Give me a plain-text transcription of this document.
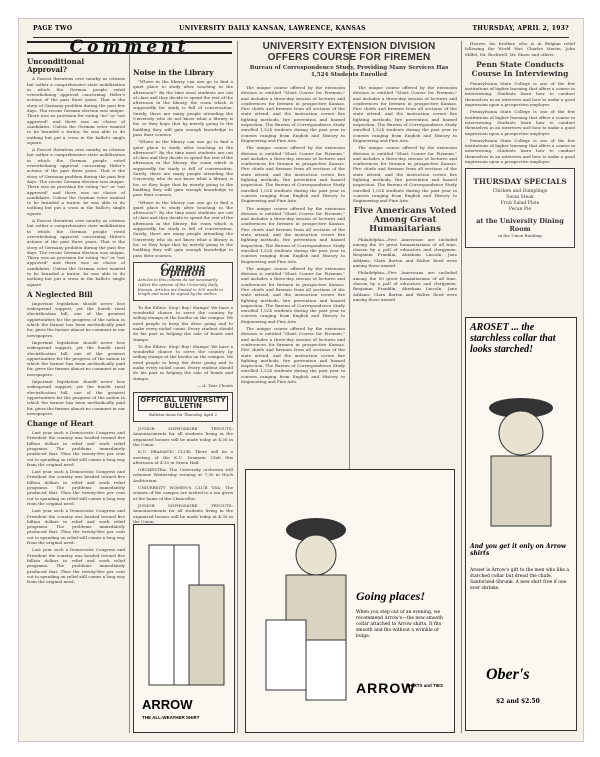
PAGE TWO	UNIVERSITY DAILY KANSAN, LAWRENCE, KANSAS	THURSDAY, APRIL 2, 193?
Comment
Unconditional Approval?

A Fascist threatens over nearby as citizens but rather a comprehensive state mobilization in which the German people voted overwhelming approval concerning Hitler's actions of the past three years. That is the story of Germany problem during the past few days. The recent German election was unique. There was no provision for voting "no" or "not approved" and there was no choice of candidates. Unless the German voter wanted to be branded a traitor, he was able to do nothing but put a cross in the ballot's single square.

A Fascist threatens over nearby as citizens but rather a comprehensive state mobilization in which the German people voted overwhelming approval concerning Hitler's actions of the past three years. That is the story of Germany problem during the past few days. The recent German election was unique. There was no provision for voting "no" or "not approved" and there was no choice of candidates. Unless the German voter wanted to be branded a traitor, he was able to do nothing but put a cross in the ballot's single square.

A Fascist threatens over nearby as citizens but rather a comprehensive state mobilization in which the German people voted overwhelming approval concerning Hitler's actions of the past three years. That is the story of Germany problem during the past few days. The recent German election was unique. There was no provision for voting "no" or "not approved" and there was no choice of candidates. Unless the German voter wanted to be branded a traitor, he was able to do nothing but put a cross in the ballot's single square.

A Neglected Bill

Important legislation should never lose widespread support, yet the fourth rural electrification bill, one of the greatest opportunities for the progress of the nation in which the farmer has been methodically paid for, gives the farmer almost no comment in our newspapers.

Important legislation should never lose widespread support, yet the fourth rural electrification bill, one of the greatest opportunities for the progress of the nation in which the farmer has been methodically paid for, gives the farmer almost no comment in our newspapers.

Important legislation should never lose widespread support, yet the fourth rural electrification bill, one of the greatest opportunities for the progress of the nation in which the farmer has been methodically paid for, gives the farmer almost no comment in our newspapers.

Change of Heart

Last year such a Democratic Congress and President the country was headed toward five billion dollars in relief and work relief programs. The problems immediately produced that. Thus the twenty-five per cent cut to spending on relief still comes a long way from the original need.

Last year such a Democratic Congress and President the country was headed toward five billion dollars in relief and work relief programs. The problems immediately produced that. Thus the twenty-five per cent cut to spending on relief still comes a long way from the original need.

Last year such a Democratic Congress and President the country was headed toward five billion dollars in relief and work relief programs. The problems immediately produced that. Thus the twenty-five per cent cut to spending on relief still comes a long way from the original need.

Last year such a Democratic Congress and President the country was headed toward five billion dollars in relief and work relief programs. The problems immediately produced that. Thus the twenty-five per cent cut to spending on relief still comes a long way from the original need.

Noise in the Library

"Where in the library can one go to find a quiet place to study after touching in the afternoon?" By the time most students are out of class and they decide to spend the rest of the afternoon in the library, the room which is supposedly for study is full of conversation. Surely, there are many people attending the University who do not know what a library is for, or they hope that by merely going to the building they will gain enough knowledge to pass their courses.

"Where in the library can one go to find a quiet place to study after touching in the afternoon?" By the time most students are out of class and they decide to spend the rest of the afternoon in the library, the room which is supposedly for study is full of conversation. Surely, there are many people attending the University who do not know what a library is for, or they hope that by merely going to the building they will gain enough knowledge to pass their courses.

"Where in the library can one go to find a quiet place to study after touching in the afternoon?" By the time most students are out of class and they decide to spend the rest of the afternoon in the library, the room which is supposedly for study is full of conversation. Surely, there are many people attending the University who do not know what a library is for, or they hope that by merely going to the building they will gain enough knowledge to pass their courses.

Campus Opinion
Articles in this column do not necessarily reflect the opinion of the University Daily Kansan. Articles are limited to 300 words in length and must be signed by the author.

To the Editor: Stop! Buy! Stamps! We have a wonderful chance to serve the country by selling stamps at the booths on the campus. We need people to keep the drive going and to make every nickel count. Every student should do his part in helping the sale of bonds and stamps.

To the Editor: Stop! Buy! Stamps! We have a wonderful chance to serve the country by selling stamps at the booths on the campus. We need people to keep the drive going and to make every nickel count. Every student should do his part in helping the sale of bonds and stamps.

— A. Tear Cheats
OFFICIAL UNIVERSITY BULLETIN
Bulletin items for Thursday, April 2

JUNIOR SOPHOMORE TRYOUTS: Announcements for all students living in the organized houses will be made today at 4:30 in the Union.

K.U. DRAMATIC CLUB: There will be a meeting of the K.U. Dramatic Club this afternoon at 4:30 in Green Hall.

ORCHESTRA: The University orchestra will rehearse Wednesday evening at 7:30 in Hoch Auditorium.

UNIVERSITY WOMEN'S CLUB TEA: The women of the campus are invited to a tea given at the home of the Chancellor.

JUNIOR SOPHOMORE TRYOUTS: Announcements for all students living in the organized houses will be made today at 4:30 in the Union.

UNIVERSITY EXTENSION DIVISION OFFERS COURSE FOR FIREMEN
Bureau of Correspondence Study, Providing Many Services Has 1,524 Students Enrolled

The unique course offered by the extension division is entitled "Short Course for Firemen," and includes a three-day session of lectures and conferences for firemen in prospective Kansas. Fire chiefs and firemen from all sections of the state attend, and the instruction covers fire fighting methods, fire prevention and hazard inspection. The Bureau of Correspondence Study enrolled 1,524 students during the past year in courses ranging from English and History to Engineering and Fine Arts.

The unique course offered by the extension division is entitled "Short Course for Firemen," and includes a three-day session of lectures and conferences for firemen in prospective Kansas. Fire chiefs and firemen from all sections of the state attend, and the instruction covers fire fighting methods, fire prevention and hazard inspection. The Bureau of Correspondence Study enrolled 1,524 students during the past year in courses ranging from English and History to Engineering and Fine Arts.

The unique course offered by the extension division is entitled "Short Course for Firemen," and includes a three-day session of lectures and conferences for firemen in prospective Kansas. Fire chiefs and firemen from all sections of the state attend, and the instruction covers fire fighting methods, fire prevention and hazard inspection. The Bureau of Correspondence Study enrolled 1,524 students during the past year in courses ranging from English and History to Engineering and Fine Arts.

The unique course offered by the extension division is entitled "Short Course for Firemen," and includes a three-day session of lectures and conferences for firemen in prospective Kansas. Fire chiefs and firemen from all sections of the state attend, and the instruction covers fire fighting methods, fire prevention and hazard inspection. The Bureau of Correspondence Study enrolled 1,524 students during the past year in courses ranging from English and History to Engineering and Fine Arts.

The unique course offered by the extension division is entitled "Short Course for Firemen," and includes a three-day session of lectures and conferences for firemen in prospective Kansas. Fire chiefs and firemen from all sections of the state attend, and the instruction covers fire fighting methods, fire prevention and hazard inspection. The Bureau of Correspondence Study enrolled 1,524 students during the past year in courses ranging from English and History to Engineering and Fine Arts.

The unique course offered by the extension division is entitled "Short Course for Firemen," and includes a three-day session of lectures and conferences for firemen in prospective Kansas. Fire chiefs and firemen from all sections of the state attend, and the instruction covers fire fighting methods, fire prevention and hazard inspection. The Bureau of Correspondence Study enrolled 1,524 students during the past year in courses ranging from English and History to Engineering and Fine Arts.

The unique course offered by the extension division is entitled "Short Course for Firemen," and includes a three-day session of lectures and conferences for firemen in prospective Kansas. Fire chiefs and firemen from all sections of the state attend, and the instruction covers fire fighting methods, fire prevention and hazard inspection. The Bureau of Correspondence Study enrolled 1,524 students during the past year in courses ranging from English and History to Engineering and Fine Arts.

Five Americans Voted Among Great Humanitarians

Philadelphia—Five Americans are included among the 50 great humanitarians of all time, chosen by a poll of educators and clergymen. Benjamin Franklin, Abraham Lincoln, Jane Addams, Clara Barton and Walter Reed were among those named.

Philadelphia—Five Americans are included among the 50 great humanitarians of all time, chosen by a poll of educators and clergymen. Benjamin Franklin, Abraham Lincoln, Jane Addams, Clara Barton and Walter Reed were among those named.

Hoover, his brother, who is in Belgian relief following the World War. Charles Martin, John Millet, Mr. Rockwell, Mr. Shaw, and others.

Penn State Conducts Course In Interviewing

Pennsylvania State College is one of the few institutions of higher learning that offers a course in interviewing. Students learn how to conduct themselves in an interview and how to make a good impression upon a prospective employer.

Pennsylvania State College is one of the few institutions of higher learning that offers a course in interviewing. Students learn how to conduct themselves in an interview and how to make a good impression upon a prospective employer.

Pennsylvania State College is one of the few institutions of higher learning that offers a course in interviewing. Students learn how to conduct themselves in an interview and how to make a good impression upon a prospective employer.

THURSDAY SPECIALS
Chicken and Dumplings
Swiss Steak
Fruit Salad Plate
Pecan Pie
at the University Dining Room
in the Union Building
Going places!
When you step out of an evening, we recommend Arrow's—the new smooth collar attached to Arrow shirts. It fits smooth and fits without a wrinkle or bulge.
ARROW
SHIRTS and TIES
AROSET ... the starchless collar that looks starched!
And you get it only on Arrow shirts
Aroset is Arrow's gift to the men who like a starched collar but dread the chafe. Sanforized-Shrunk. A new shirt free if one ever shrinks.
Ober's
$2 and $2.50
ARROW
THE ALL-WEATHER SHIRT
